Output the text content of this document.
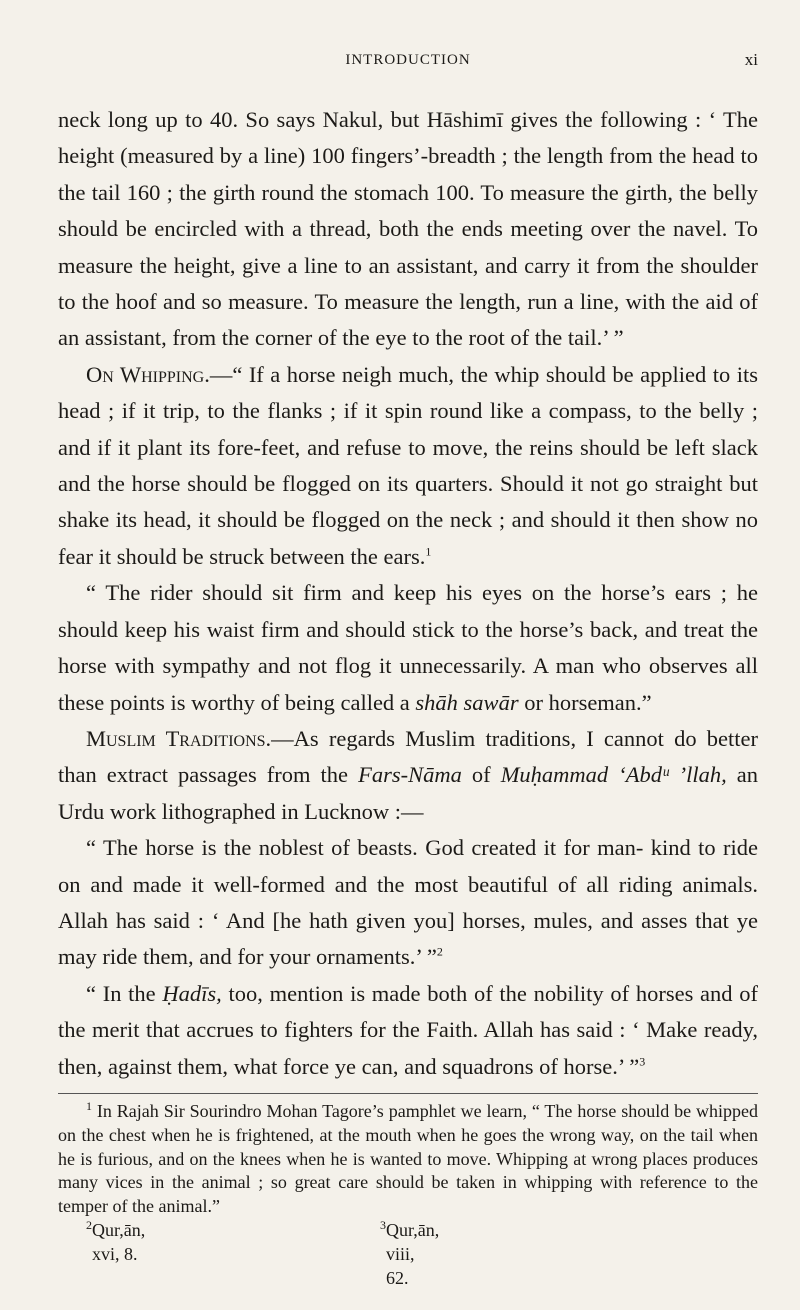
INTRODUCTION	xi

neck long up to 40. So says Nakul, but Hāshimī gives the following : ‘ The height (measured by a line) 100 fingers’-breadth ; the length from the head to the tail 160 ; the girth round the stomach 100. To measure the girth, the belly should be encircled with a thread, both the ends meeting over the navel. To measure the height, give a line to an assistant, and carry it from the shoulder to the hoof and so measure. To measure the length, run a line, with the aid of an assistant, from the corner of the eye to the root of the tail.’ ”

On Whipping.—“ If a horse neigh much, the whip should be applied to its head ; if it trip, to the flanks ; if it spin round like a compass, to the belly ; and if it plant its fore-feet, and refuse to move, the reins should be left slack and the horse should be flogged on its quarters. Should it not go straight but shake its head, it should be flogged on the neck ; and should it then show no fear it should be struck between the ears.$^1$

“ The rider should sit firm and keep his eyes on the horse’s ears ; he should keep his waist firm and should stick to the horse’s back, and treat the horse with sympathy and not flog it unnecessarily. A man who observes all these points is worthy of being called a shāh sawār or horseman.”

Muslim Traditions.—As regards Muslim traditions, I cannot do better than extract passages from the Fars-Nāma of Muḥammad ‘Abdᵘ ’llah, an Urdu work lithographed in Lucknow :—

“ The horse is the noblest of beasts. God created it for man- kind to ride on and made it well-formed and the most beautiful of all riding animals. Allah has said : ‘ And [he hath given you] horses, mules, and asses that ye may ride them, and for your ornaments.’ ”$^2$

“ In the Ḥadīs, too, mention is made both of the nobility of horses and of the merit that accrues to fighters for the Faith. Allah has said : ‘ Make ready, then, against them, what force ye can, and squadrons of horse.’ ”$^3$

$^1$ In Rajah Sir Sourindro Mohan Tagore’s pamphlet we learn, “ The horse should be whipped on the chest when he is frightened, at the mouth when he goes the wrong way, on the tail when he is furious, and on the knees when he is wanted to move. Whipping at wrong places produces many vices in the animal ; so great care should be taken in whipping with reference to the temper of the animal.”

$^2$ Qur,ān, xvi, 8.
$^3$ Qur,ān, viii, 62.
